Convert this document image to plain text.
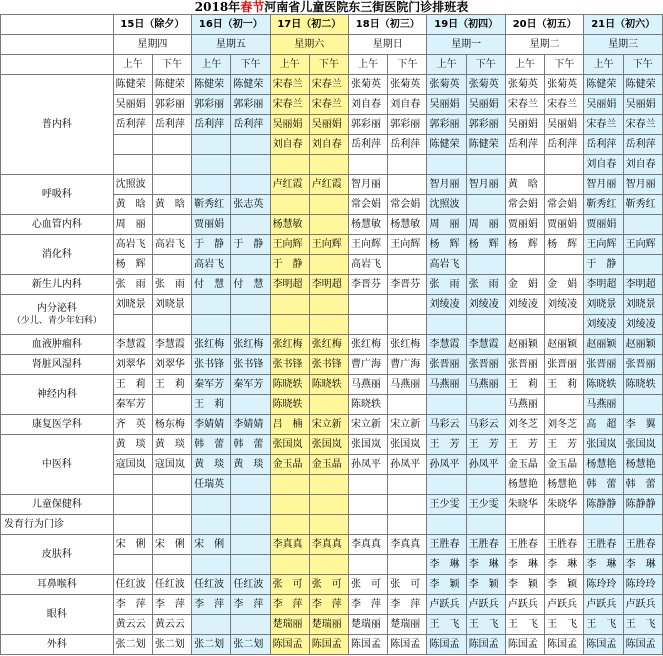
2018年春节河南省儿童医院东三街医院门诊排班表
	15日（除夕）		16日（初一）		17日（初二）		18日（初三）		19日（初四）		20日（初五）		21日（初六）	
	星期四		星期五		星期六		星期日		星期一		星期二		星期三	
	上午	下午	上午	下午	上午	下午	上午	下午	上午	下午	上午	下午	上午	下午
普内科	陈健荣	陈健荣	陈健荣	陈健荣	宋春兰	宋春兰	张菊英	张菊英	张菊英	张菊英	张菊英	张菊英	陈健荣	陈健荣
	吴丽娟	郭彩丽	郭彩丽	郭彩丽	宋春兰	宋春兰	刘自春	刘自春	吴丽娟	吴丽娟	宋春兰	宋春兰	吴丽娟	吴丽娟
	岳利萍	岳利萍	岳利萍	岳利萍	吴丽娟	吴丽娟	郭彩丽	郭彩丽	郭彩丽	郭彩丽	吴丽娟	吴丽娟	宋春兰	宋春兰
					刘自春	刘自春	岳利萍	岳利萍	陈健荣	陈健荣	岳利萍	岳利萍	岳利萍	岳利萍
													刘自春	刘自春
呼吸科	沈照波				卢红霞	卢红霞	智月丽		智月丽	智月丽	黄　晗		智月丽	智月丽
	黄　晗	黄　晗	靳秀红	张志英			常会娟	常会娟	沈照波		常会娟	常会娟	靳秀红	靳秀红
心血管内科	周　丽		贾丽娟		杨慧敏		杨慧敏	杨慧敏	周　丽	周　丽	贾丽娟	贾丽娟	贾丽娟	
消化科	高岩飞	高岩飞	于　静	于　静	王向辉	王向辉	王向辉	王向辉	杨　辉	杨　辉	杨　辉	杨　辉	王向辉	王向辉
	杨　辉		高岩飞		于　静		高岩飞		高岩飞				于　静	
新生儿内科	张　雨	张　雨	付　慧	付　慧	李明超	李明超	李晋芬	李晋芬	张　雨	张　雨	金　娟	金　娟	李明超	李明超

内分泌科
（少儿、青少年妇科）	刘晓景	刘晓景							刘绫凌	刘绫凌	刘绫凌	刘绫凌	刘晓景	刘晓景
													刘绫凌	刘绫凌
血液肿瘤科	李慧霞	李慧霞	张红梅	张红梅	张红梅	张红梅	张红梅	张红梅	李慧霞	李慧霞	赵丽颖	赵丽颖	赵丽颖	赵丽颖
肾脏风湿科	刘翠华	刘翠华	张书锋	张书锋	张书锋	张书锋	曹广海	曹广海	张晋丽	张晋丽	张晋丽	张晋丽	张晋丽	张晋丽
神经内科	王　莉	王　莉	秦军芳	秦军芳	陈晓轶	陈晓轶	马燕丽	马燕丽	马燕丽	马燕丽	王　莉	王　莉	陈晓轶	陈晓轶
	秦军芳		王　莉		陈晓轶		陈晓轶				马燕丽		马燕丽	
康复医学科	齐　英	杨东梅	李婧婧	李婧婧	吕　楠	宋立新	宋立新	宋立新	马彩云	马彩云	刘冬芝	刘冬芝	高　超	李　翼
中医科	黄　琰	黄　琰	韩　蕾	韩　蕾	张国岚	张国岚	张国岚	张国岚	王　芳	王　芳	王　芳	王　芳	张国岚	张国岚
	寇国岚	寇国岚	黄　琰	黄　琰	金玉晶	金玉晶	孙凤平	孙凤平	孙凤平	孙凤平	金玉晶	金玉晶	杨慧艳	杨慧艳
			任瑞英								杨慧艳	杨慧艳	韩　蕾	韩　蕾
儿童保健科									王少雯	王少雯	朱晓华	朱晓华	陈静静	陈静静
发育行为门诊														
皮肤科	宋　俐	宋　俐	宋　俐		李真真	李真真	李真真	李真真	王胜春	王胜春	王胜春	王胜春	王胜春	王胜春
									李　琳	李　琳	李　琳	李　琳	李　琳	李　琳
耳鼻喉科	任红波	任红波	任红波	任红波	张　可	张　可	张　可	张　可	李　颖	李　颖	李　颖	李　颖	陈玲玲	陈玲玲
眼科	李　萍	李　萍	李　萍	李　萍	李　萍	李　萍	李　萍	李　萍	卢跃兵	卢跃兵	卢跃兵	卢跃兵	卢跃兵	卢跃兵
	黄云云	黄云云			楚瑞丽	楚瑞丽	楚瑞丽	楚瑞丽	王　飞	王　飞	王　飞	王　飞	王　飞	王　飞
外科	张二划	张二划	张二划	张二划	陈国孟	陈国孟	陈国孟	陈国孟	陈国孟	陈国孟	陈国孟	陈国孟	陈国孟	陈国孟
